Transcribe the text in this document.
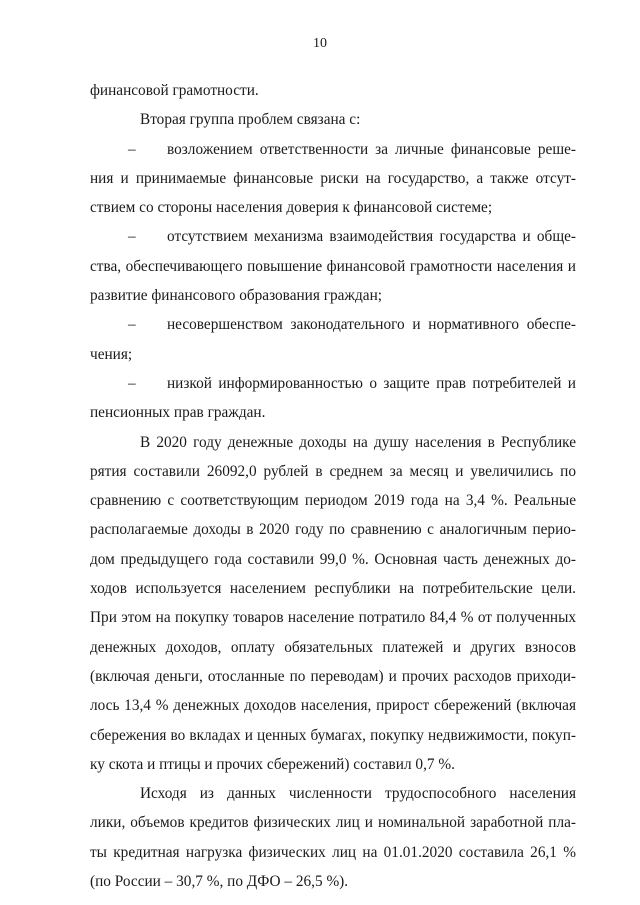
10
финансовой грамотности.
Вторая группа проблем связана с:
– возложением ответственности за личные финансовые реше-
ния и принимаемые финансовые риски на государство, а также отсут-
ствием со стороны населения доверия к финансовой системе;
– отсутствием механизма взаимодействия государства и обще-
ства, обеспечивающего повышение финансовой грамотности населения и
развитие финансового образования граждан;
– несовершенством законодательного и нормативного обеспе-
чения;
– низкой информированностью о защите прав потребителей и
пенсионных прав граждан.
В 2020 году денежные доходы на душу населения в Республике
рятия составили 26092,0 рублей в среднем за месяц и увеличились по
сравнению с соответствующим периодом 2019 года на 3,4 %. Реальные
располагаемые доходы в 2020 году по сравнению с аналогичным перио-
дом предыдущего года составили 99,0 %. Основная часть денежных до-
ходов используется населением республики на потребительские цели.
При этом на покупку товаров население потратило 84,4 % от полученных
денежных доходов, оплату обязательных платежей и других взносов
(включая деньги, отосланные по переводам) и прочих расходов приходи-
лось 13,4 % денежных доходов населения, прирост сбережений (включая
сбережения во вкладах и ценных бумагах, покупку недвижимости, покуп-
ку скота и птицы и прочих сбережений) составил 0,7 %.
Исходя из данных численности трудоспособного населения
лики, объемов кредитов физических лиц и номинальной заработной пла-
ты кредитная нагрузка физических лиц на 01.01.2020 составила 26,1 %
(по России – 30,7 %, по ДФО – 26,5 %).
